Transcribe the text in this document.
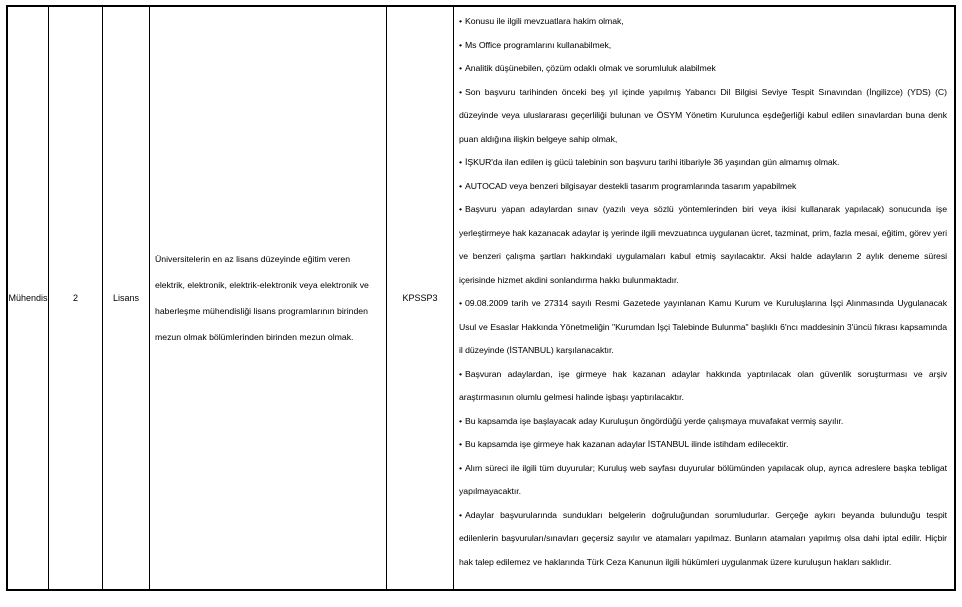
Mühendis	2	Lisans

Üniversitelerin en az lisans düzeyinde eğitim veren elektrik, elektronik, elektrik-elektronik veya elektronik ve haberleşme mühendisliği lisans programlarının birinden mezun olmak bölümlerinden birinden mezun olmak.

KPSSP3

• Konusu ile ilgili mevzuatlara hakim olmak,

• Ms Office programlarını kullanabilmek,

• Analitik düşünebilen, çözüm odaklı olmak ve sorumluluk alabilmek

• Son başvuru tarihinden önceki beş yıl içinde yapılmış Yabancı Dil Bilgisi Seviye Tespit Sınavından (İngilizce) (YDS) (C) düzeyinde veya uluslararası geçerliliği bulunan ve ÖSYM Yönetim Kurulunca eşdeğerliği kabul edilen sınavlardan buna denk puan aldığına ilişkin belgeye sahip olmak,

• İŞKUR'da ilan edilen iş gücü talebinin son başvuru tarihi itibariyle 36 yaşından gün almamış olmak.

• AUTOCAD veya benzeri bilgisayar destekli tasarım programlarında tasarım yapabilmek

• Başvuru yapan adaylardan sınav (yazılı veya sözlü yöntemlerinden biri veya ikisi kullanarak yapılacak) sonucunda işe yerleştirmeye hak kazanacak adaylar iş yerinde ilgili mevzuatınca uygulanan ücret, tazminat, prim, fazla mesai, eğitim, görev yeri ve benzeri çalışma şartları hakkındaki uygulamaları kabul etmiş sayılacaktır. Aksi halde adayların 2 aylık deneme süresi içerisinde hizmet akdini sonlandırma hakkı bulunmaktadır.

• 09.08.2009 tarih ve 27314 sayılı Resmi Gazetede yayınlanan Kamu Kurum ve Kuruluşlarına İşçi Alınmasında Uygulanacak Usul ve Esaslar Hakkında Yönetmeliğin "Kurumdan İşçi Talebinde Bulunma" başlıklı 6'ncı maddesinin 3'üncü fıkrası kapsamında il düzeyinde (İSTANBUL) karşılanacaktır.

• Başvuran adaylardan, işe girmeye hak kazanan adaylar hakkında yaptırılacak olan güvenlik soruşturması ve arşiv araştırmasının olumlu gelmesi halinde işbaşı yaptırılacaktır.

• Bu kapsamda işe başlayacak aday Kuruluşun öngördüğü yerde çalışmaya muvafakat vermiş sayılır.

• Bu kapsamda işe girmeye hak kazanan adaylar İSTANBUL ilinde istihdam edilecektir.

• Alım süreci ile ilgili tüm duyurular; Kuruluş web sayfası duyurular bölümünden yapılacak olup, ayrıca adreslere başka tebligat yapılmayacaktır.

• Adaylar başvurularında sundukları belgelerin doğruluğundan sorumludurlar. Gerçeğe aykırı beyanda bulunduğu tespit edilenlerin başvuruları/sınavları geçersiz sayılır ve atamaları yapılmaz. Bunların atamaları yapılmış olsa dahi iptal edilir. Hiçbir hak talep edilemez ve haklarında Türk Ceza Kanunun ilgili hükümleri uygulanmak üzere kuruluşun hakları saklıdır.
